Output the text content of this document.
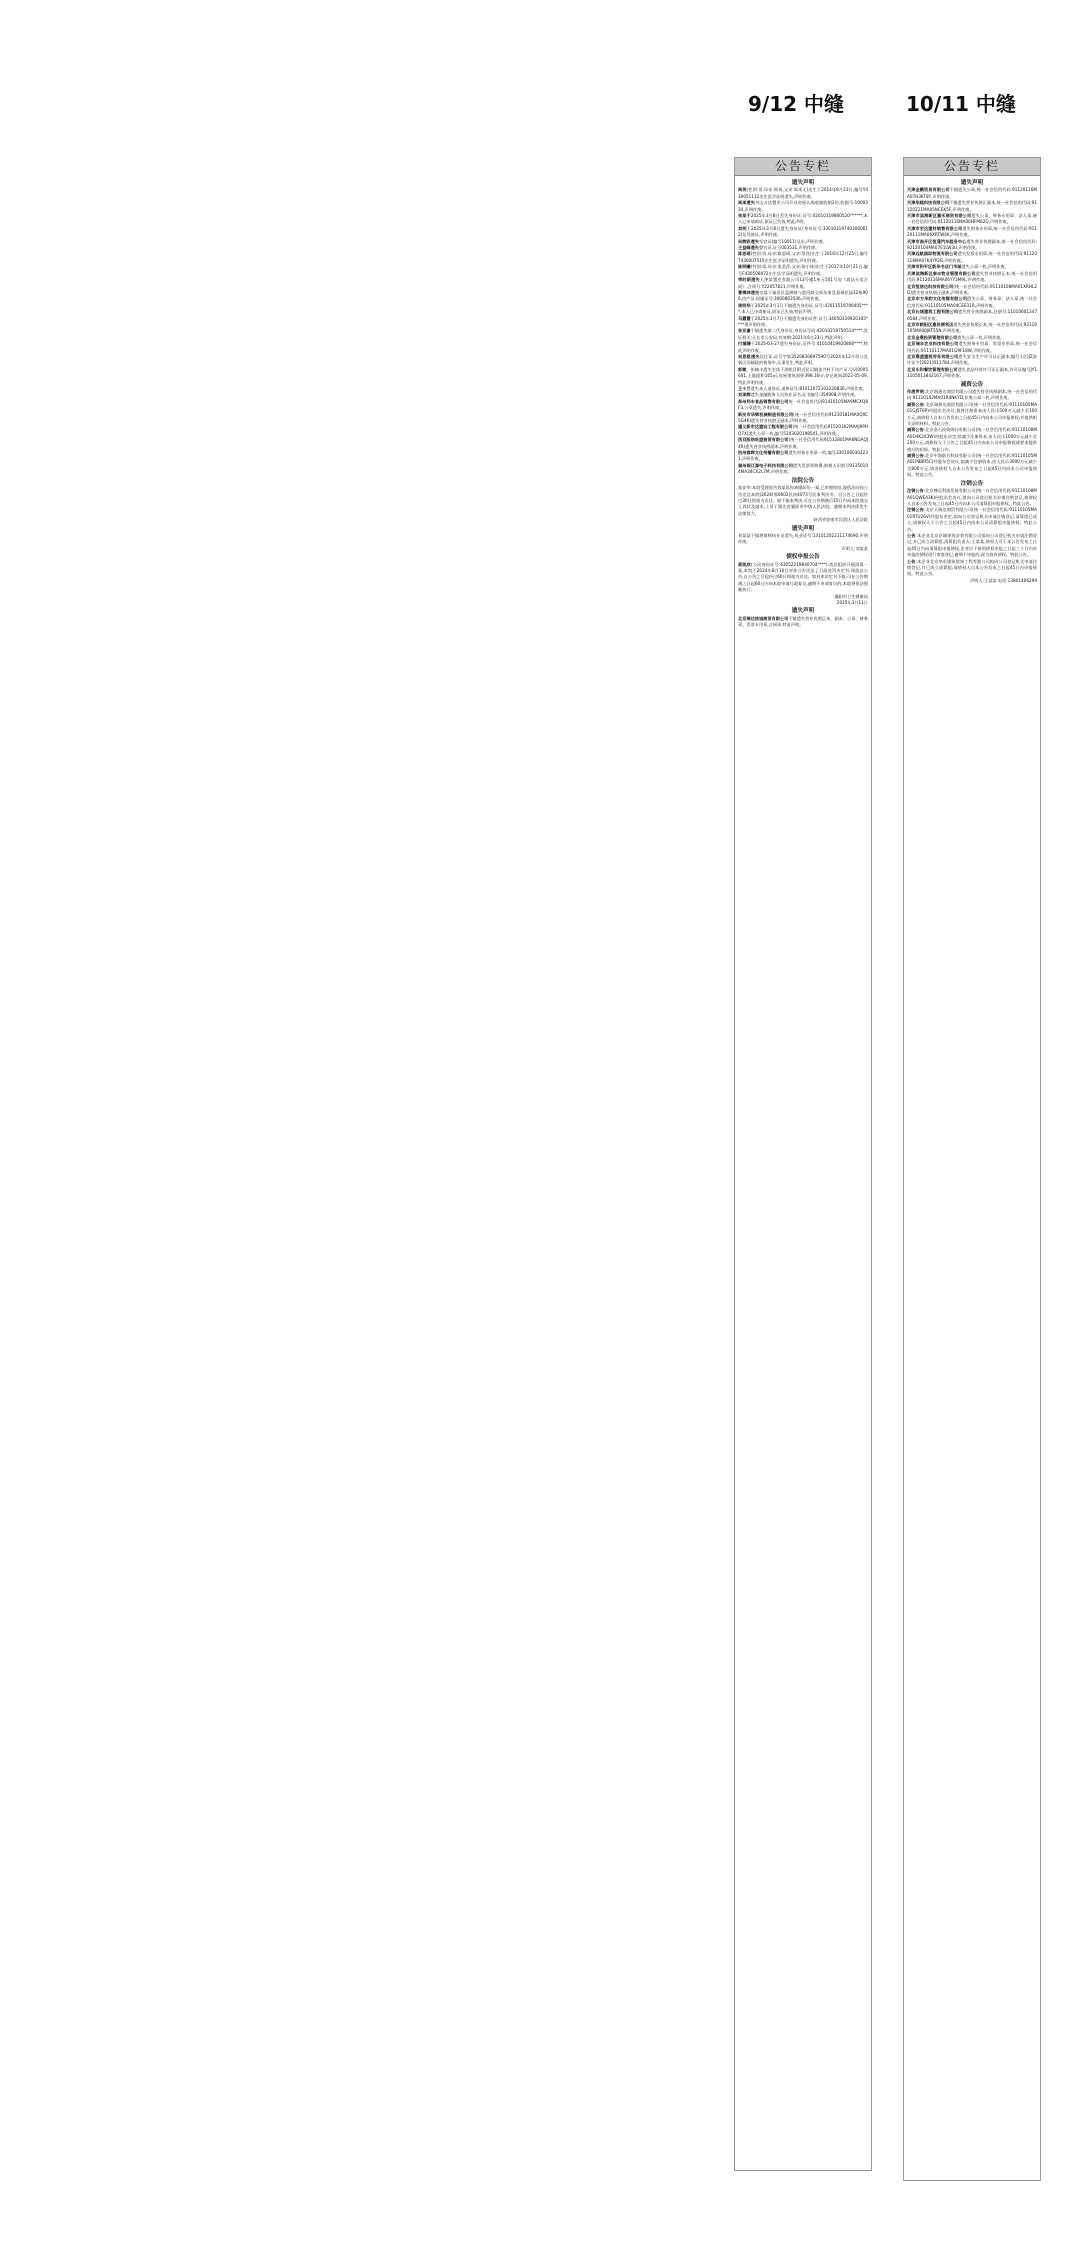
9/12 中缝	10/11 中缝
公告专栏
遗失声明
周英(性别:男,母亲:周英,父亲:周术无)出生于2014年8月23日,编号Y430051112出生医学证明遗失,声明作废。
周承遗失舟山万达置业公司开具房屋认购收据收据2份,收据号-1000334,声明作废。
张某于2025年3月8日丢失身份证,证号:42010319860520******,本人已申请新证,原证已失效,特此声明。
刘明于2025年3月8日遗失身份证(身份证号:330103197403060612)及驾驶证,声明作废。
吴辉彩遗失军官证(编号10011)及东,声明作废。
王益峰遗失警官证,证号003531,声明作废。
陈思瑶(性别:男,母亲:陈思瑶,父亲:蔡良)出生于2016年12月25日,编号T430007515出生医学证明遗失,声明作废。
陈明曦(性别:男,母亲:张美萍,父亲:陈小林)出生于2017年10月21日,编号F430508072出生医学证明遗失,声明作废。
荣时新遗失天津某置业有限公司13号楼1单元501号房《商品买卖合同》,合同号:Y22057821,声明作废。
曹梅林遗失坐落于福田区盈洲路与滨河路交界东南盘嘉瑞花园12栋906,房产证,权属证号:3000803536,声明作废。
周明华于2025年3月1日不慎遗失身份证,证号:42011519790405****,本人已申请新证,原证已失效,特此声明。
马霞霞于2025年3月7日不慎遗失身份证件,证号:34050319920305****现声明作废。
张亚豪不慎遗失第二代身份证,身份证号码:42010219750514****,发证机关:天长市公安局,有效期:2021年6月23日,特此声明。
付福臻于2025-03-27遗失身份证,证件号:41010419920808****,特此声明作废。
吴思桃遗失居住证,证号字第3520830697590号2024年12月份公息新区旧邮政的税务中,无事发生,特此声明。
彭敏、彭楠丰遗失坐落于湖里区附近民司镇金兴村不动产证,号码0005601,土地面积165㎡,房屋建筑面积398.16㎡,登记时间2022-05-09,特此声明作废。
王小兰遗失本人退休证,退休证号:81012072103220836,声明作废。
刘承辉遗失金融服务人员执业证书,证书编号:354908,声明作废。
郑州利丰食品销售有限公司统一社会信用代码91410105MA9MCXQ8F3,公章遗失,声明作废。
新民市华辉机械制造有限公司(统一社会信用代码91210181MA0QXC5G4K)遗失营业执照正副本,声明作废。
遵义新宏达建设工程有限公司(统一社会信用代码91520302MAAJ9PHQ7X)遗失公章一枚,编号5203020198541,声明作废。
西双版纳旺盛商贸有限公司(统一社会信用代码91532801MA6NGAQJ4R)遗失营业执照副本,声明作废。
杭州春晖文化传播有限公司遗失财务专用章一枚,编号3301060302231,声明作废。
福州闽江源电子科技有限公司遗失发票领购簿,纳税人识别号91350104MA34CX2L7M,声明作废。
法院公告
张安华:本院受理原告肖某诉你离婚纠纷一案,已审理终结,现依法向你公告送达本院(2024)鄂0602民初4073号民事判决书。自公告之日起经过30日即视为送达。如不服本判决,可在公告期满后15日内向本院递交上诉状及副本,上诉于湖北省襄阳市中级人民法院。逾期本判决即发生法律效力。
陕西省安康市汉滨区人民法院
遗失声明
刘某某不慎将律师执业证遗失,执业证号:13101202211174690,声明作废。
声明人:刘某某
债权申报公告
蒋凯欣(公民身份证号:43052219840704****):依法组织开展清算一案,本院于2024年8月16日对你公告送达了行政处罚决定书,现依法公告,自公告之日起经过60日即视为送达。如对本决定书不服,可在公告期满之日起60日内向本院申请行政复议,逾期不申请复议的,本院将依法强制执行。
襄阳市卫生健康局
2025年3月11日
遗失声明
北京瑞达信诚商贸有限公司不慎遗失营业执照正本、副本、公章、财务章、发票专用章,合同章,特此声明。
公告专栏
遗失声明
天津金鹏贸易有限公司不慎遗失公章,统一社会信用代码:91120116MA07H3KT8Y,声明作废。
天津华越科技有限公司不慎遗失营业执照正副本,统一社会信用代码:91120221MA05NCEK5F,声明作废。
天津市滨海新区嘉禾商贸有限公司遗失公章、财务专用章、法人章,统一社会信用代码:91120116MA06HFM62Q,声明作废。
天津市宏达建材销售有限公司遗失财务专用章,统一社会信用代码:91120111MA06XRTW4K,声明作废。
天津市南开区恒通汽车服务中心遗失营业执照副本,统一社会信用代码:92120104MA07E1LW3U,声明作废。
天津远航国际物流有限公司遗失发票专用章,统一社会信用代码:91120118MA07K4YP2B,声明作废。
天津市和平区新华书店门市部遗失公章一枚,声明作废。
天津滨海新区泰丰物业管理有限公司遗失营业执照正本,统一社会信用代码:91120116MA06YY3M9L,声明作废。
北京恒信达科技有限公司(统一社会信用代码:91110108MA01XRHL2G)遗失营业执照正副本,声明作废。
北京东方华韵文化传媒有限公司遗失公章、财务章、法人章,统一社会信用代码:91110105MA04CEE31R,声明作废。
北京长城建筑工程有限公司遗失营业执照副本,注册号:110106013476584,声明作废。
北京市朝阳区惠民便利店遗失营业执照正本,统一社会信用代码:92110105MA00JKT55N,声明作废。
北京金鼎投资管理有限公司遗失公章一枚,声明作废。
北京瑞丰农业科技有限公司遗失财务专用章、发票专用章,统一社会信用代码:91110117MA01G9F18W,声明作废。
北京鼎盛建筑劳务有限公司遗失安全生产许可证正副本,编号:(京)JZ安许证字[2021]011784,声明作废。
北京永和餐饮管理有限公司遗失食品经营许可证正副本,许可证编号JY11105013842167,声明作废。
减资公告
作废声明:北京润通达商贸有限公司遗失营业执照副本,统一社会信用代码:91110102MA01R4NK7D,作废公章一枚,声明作废。
减资公告:北京瑞和达商贸有限公司(统一社会信用代码:91110105MA01GJ5T6P)经股东会决议,拟将注册资本由人民币500万元减少至100万元,请债权人自本公告发布之日起45日内向本公司申报债权,并提供相关证明材料。特此公告。
减资公告:北京金石投资顾问有限公司(统一社会信用代码:91110108MA01HK2X3W)经股东决定,拟减少注册资本,由人民币1000万元减少至200万元,请债权人于公告之日起45日内向本公司申报债权或要求提供相应的担保。特此公告。
减资公告:北京中海联合科技有限公司(统一社会信用代码:91110105MA01P8BR5C)经股东会决议,拟减少注册资本,由人民币3000万元减少至800万元,请各债权人自本公告发布之日起45日内向本公司申报债权。特此公告。
注销公告
注销公告:北京博远科技发展有限公司(统一社会信用代码:91110108MA01QWE43K)经股东会决议,拟向公司登记机关申请注销登记,请债权人自本公告发布之日起45日内向本公司清算组申报债权。特此公告。
注销公告:北京天瑞达商贸有限公司(统一社会信用代码:91110105MA01RTU26V)经股东决定,拟向公司登记机关申请注销登记,清算组已成立,请债权人于公告之日起45日内向本公司清算组申报债权。特此公告。
公告:本企业北京京城建筑安装有限公司拟向公司登记机关申请注销登记,并已成立清算组,清算组负责人:王某某,债权人可于本公告发布之日起45日内向清算组申报债权,企业应于接到债权申报之日起三十日内对申报的债权进行审查登记,逾期不申报的,视为放弃债权。特此公告。
公告:本企业北京华东建筑装饰工程有限公司拟向公司登记机关申请注销登记,并已成立清算组,请债权人自本公告发布之日起45日内申报债权。特此公告。
声明人:王某某 电话:13801406299
